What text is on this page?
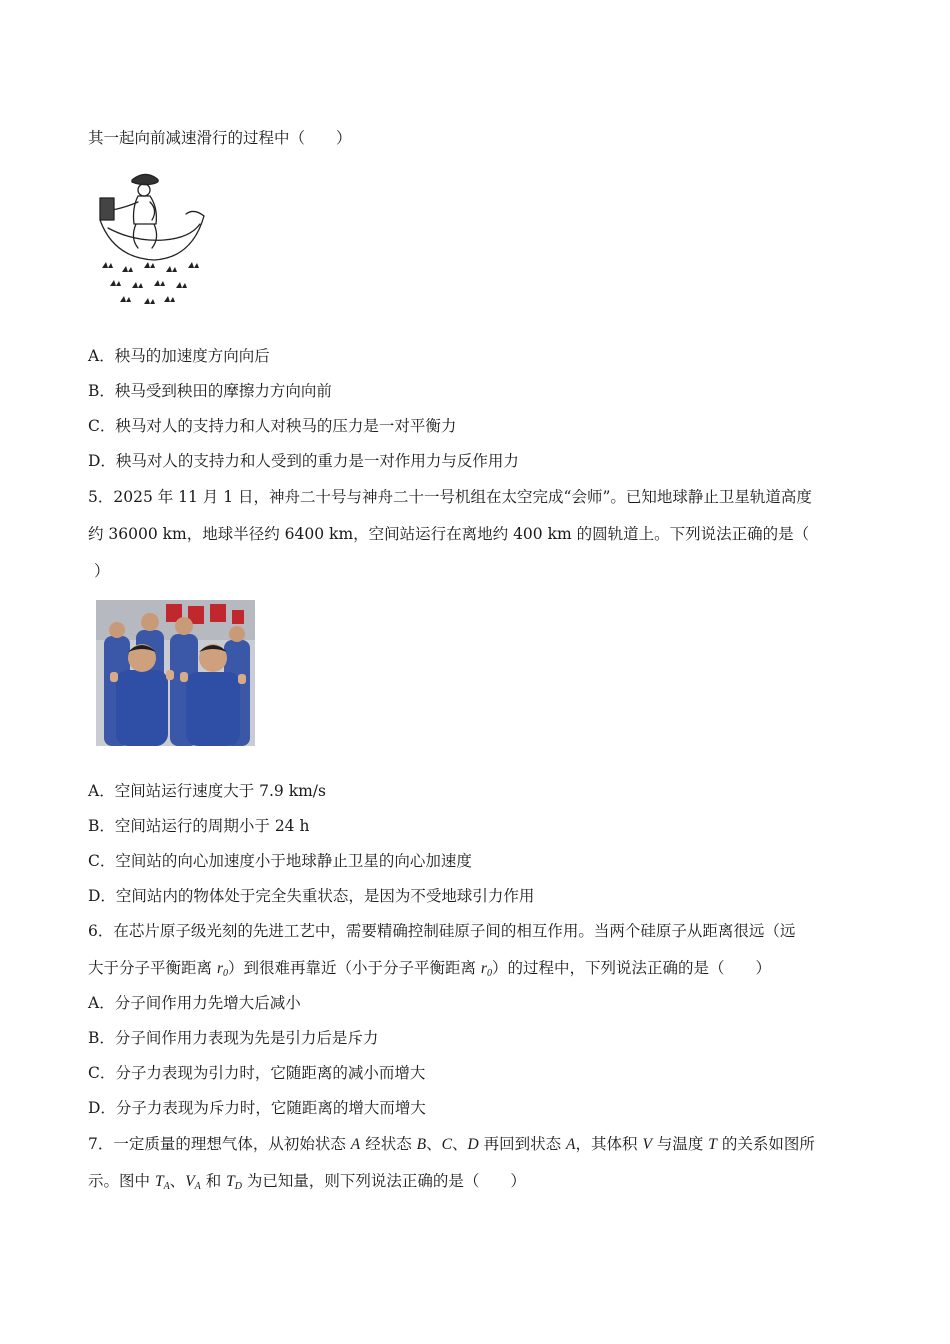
其一起向前减速滑行的过程中（　　）
A．秧马的加速度方向向后
B．秧马受到秧田的摩擦力方向向前
C．秧马对人的支持力和人对秧马的压力是一对平衡力
D．秧马对人的支持力和人受到的重力是一对作用力与反作用力
5．2025 年 11 月 1 日，神舟二十号与神舟二十一号机组在太空完成“会师”。已知地球静止卫星轨道高度
约 36000 km，地球半径约 6400 km，空间站运行在离地约 400 km 的圆轨道上。下列说法正确的是（
）
A．空间站运行速度大于 7.9 km/s
B．空间站运行的周期小于 24 h
C．空间站的向心加速度小于地球静止卫星的向心加速度
D．空间站内的物体处于完全失重状态，是因为不受地球引力作用
6．在芯片原子级光刻的先进工艺中，需要精确控制硅原子间的相互作用。当两个硅原子从距离很远（远
大于分子平衡距离 $r_0$）到很难再靠近（小于分子平衡距离 $r_0$）的过程中，下列说法正确的是（　　）
A．分子间作用力先增大后减小
B．分子间作用力表现为先是引力后是斥力
C．分子力表现为引力时，它随距离的减小而增大
D．分子力表现为斥力时，它随距离的增大而增大
7．一定质量的理想气体，从初始状态 A 经状态 B、C、D 再回到状态 A，其体积 V 与温度 T 的关系如图所
示。图中 $T_A$、$V_A$ 和 $T_D$ 为已知量，则下列说法正确的是（　　）
